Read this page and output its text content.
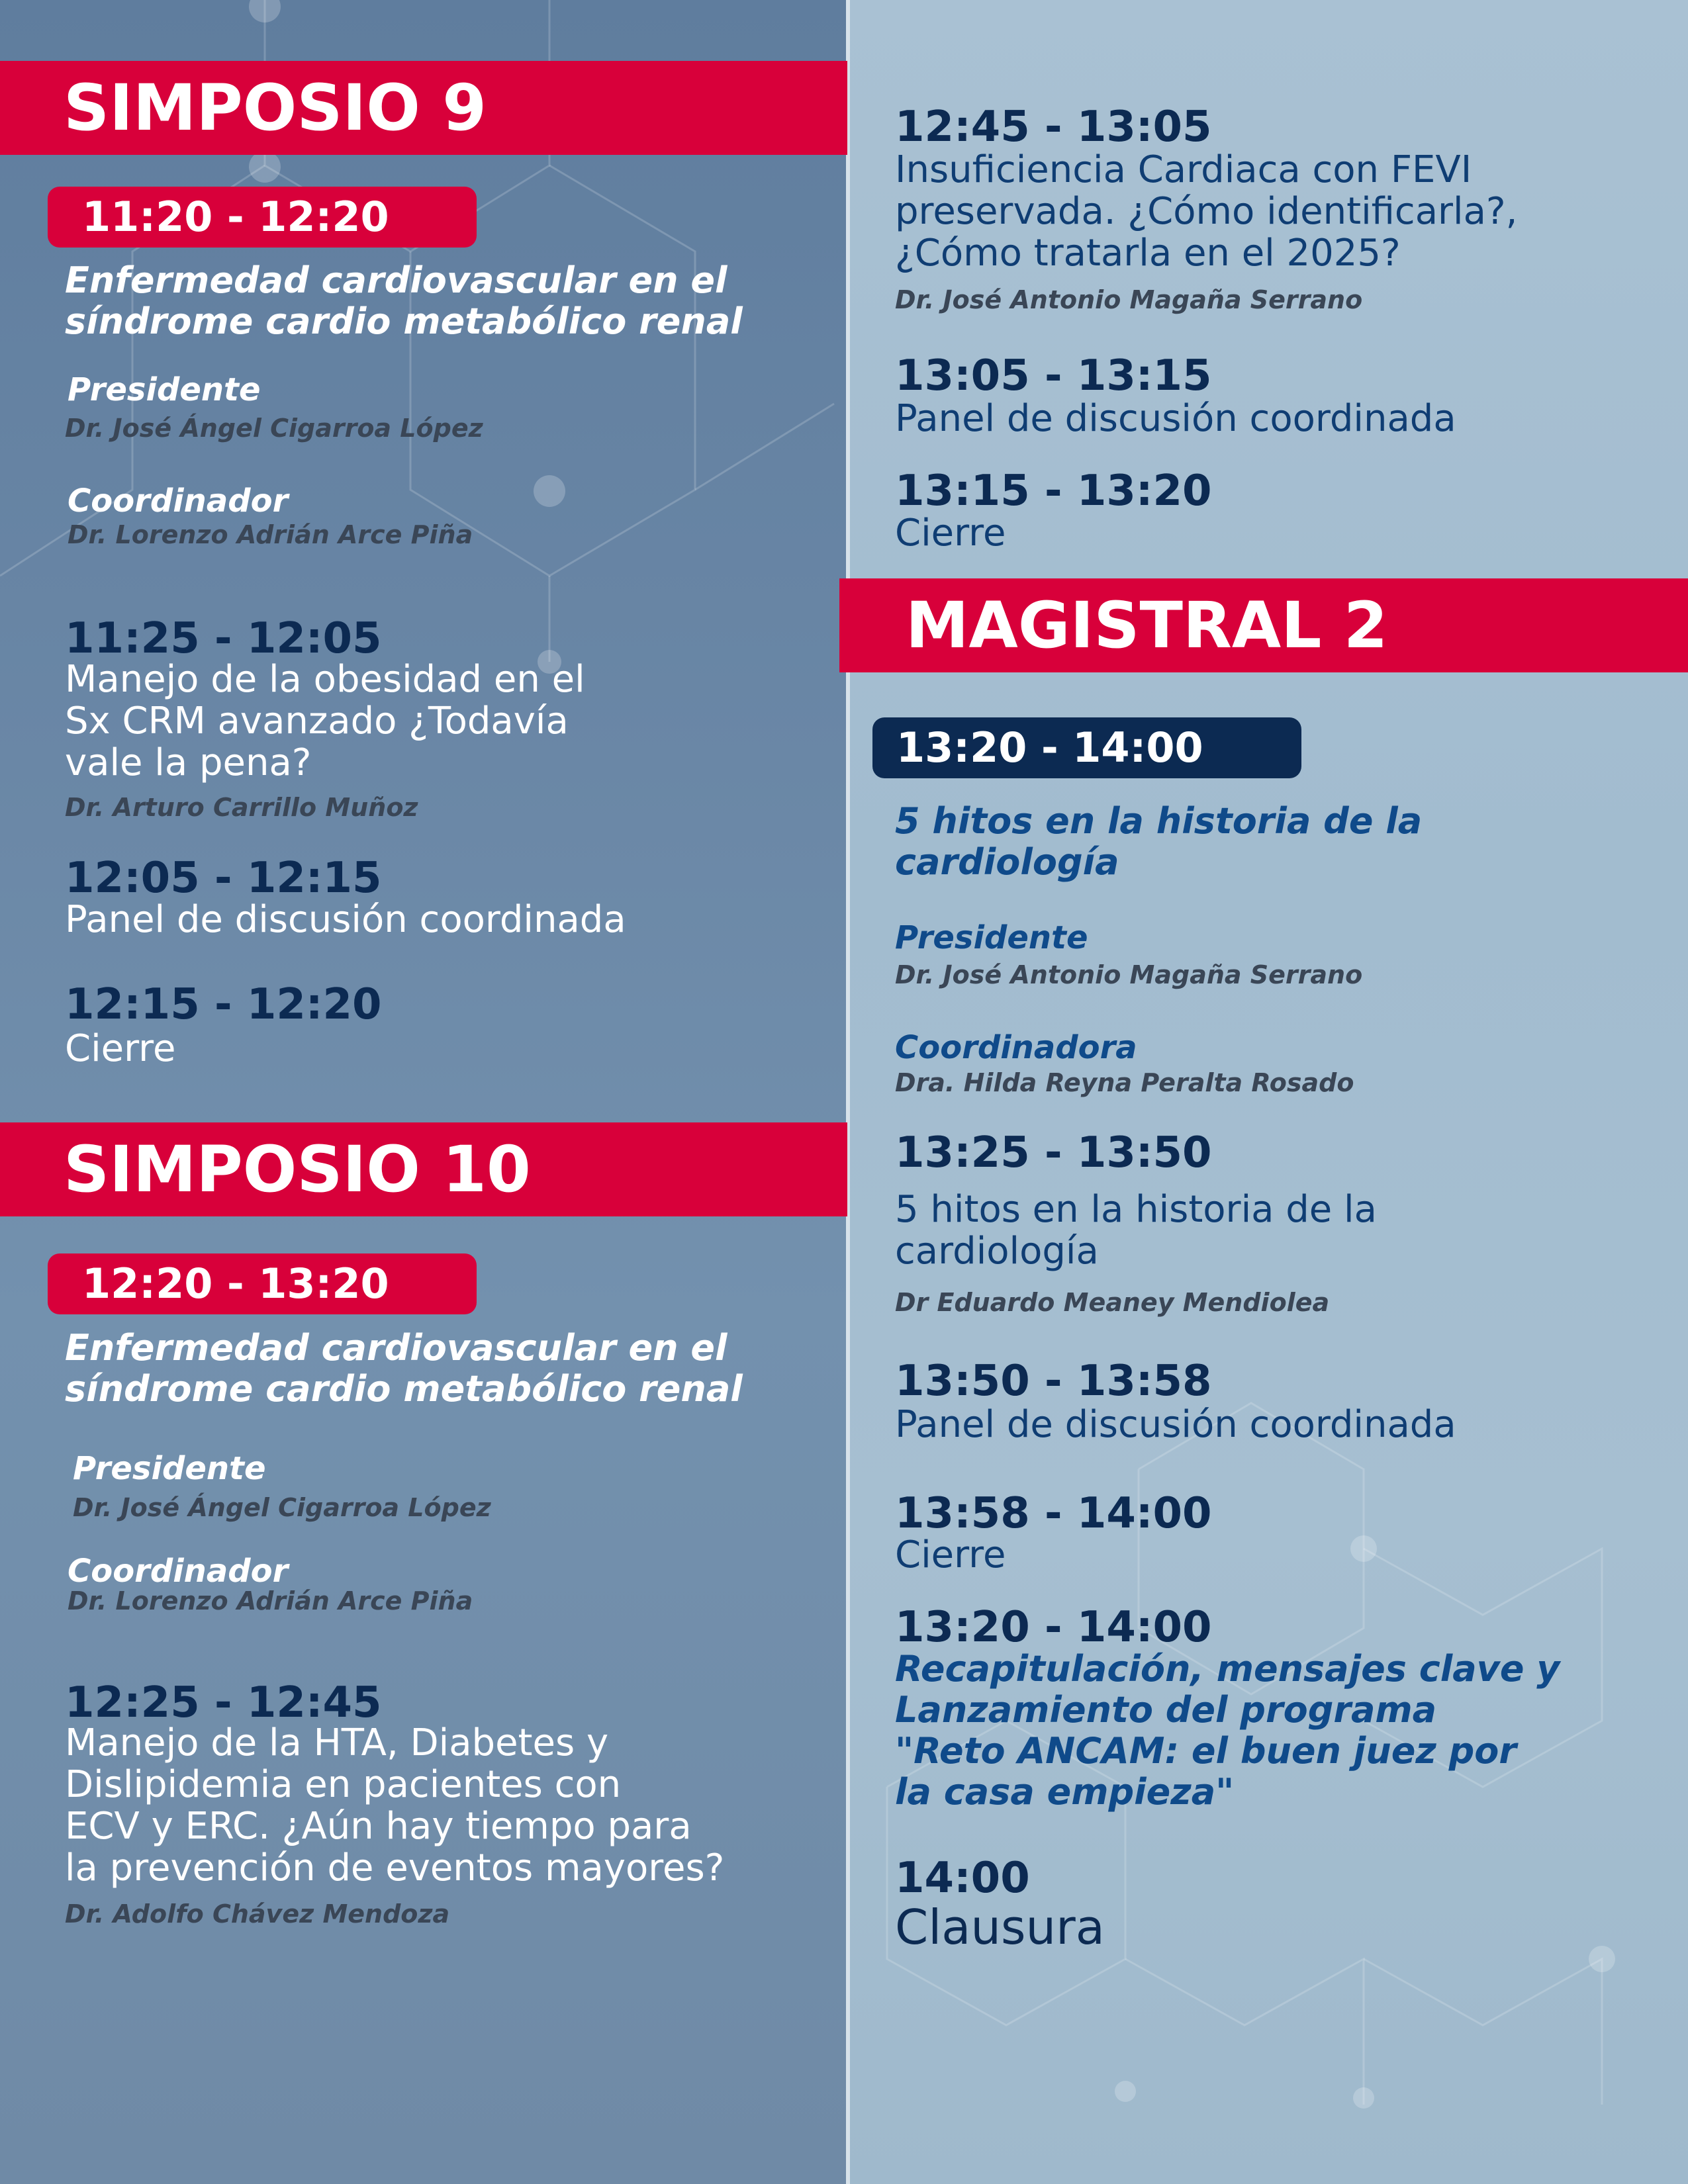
SIMPOSIO 9
11:20 - 12:20
Enfermedad cardiovascular en el
síndrome cardio metabólico renal
Presidente
Dr. José Ángel Cigarroa López
Coordinador
Dr. Lorenzo Adrián Arce Piña
11:25 - 12:05
Manejo de la obesidad en el
Sx CRM avanzado ¿Todavía
vale la pena?
Dr. Arturo Carrillo Muñoz
12:05 - 12:15
Panel de discusión coordinada
12:15 - 12:20
Cierre
SIMPOSIO 10
12:20 - 13:20
Enfermedad cardiovascular en el
síndrome cardio metabólico renal
Presidente
Dr. José Ángel Cigarroa López
Coordinador
Dr. Lorenzo Adrián Arce Piña
12:25 - 12:45
Manejo de la HTA, Diabetes y
Dislipidemia en pacientes con
ECV y ERC. ¿Aún hay tiempo para
la prevención de eventos mayores?
Dr. Adolfo Chávez Mendoza
12:45 - 13:05
Insuficiencia Cardiaca con FEVI
preservada. ¿Cómo identificarla?,
¿Cómo tratarla en el 2025?
Dr. José Antonio Magaña Serrano
13:05 - 13:15
Panel de discusión coordinada
13:15 - 13:20
Cierre
MAGISTRAL 2
13:20 - 14:00
5 hitos en la historia de la
cardiología
Presidente
Dr. José Antonio Magaña Serrano
Coordinadora
Dra. Hilda Reyna Peralta Rosado
13:25 - 13:50
5 hitos en la historia de la
cardiología
Dr Eduardo Meaney Mendiolea
13:50 - 13:58
Panel de discusión coordinada
13:58 - 14:00
Cierre
13:20 - 14:00
Recapitulación, mensajes clave y
Lanzamiento del programa
"Reto ANCAM: el buen juez por
la casa empieza"
14:00
Clausura
